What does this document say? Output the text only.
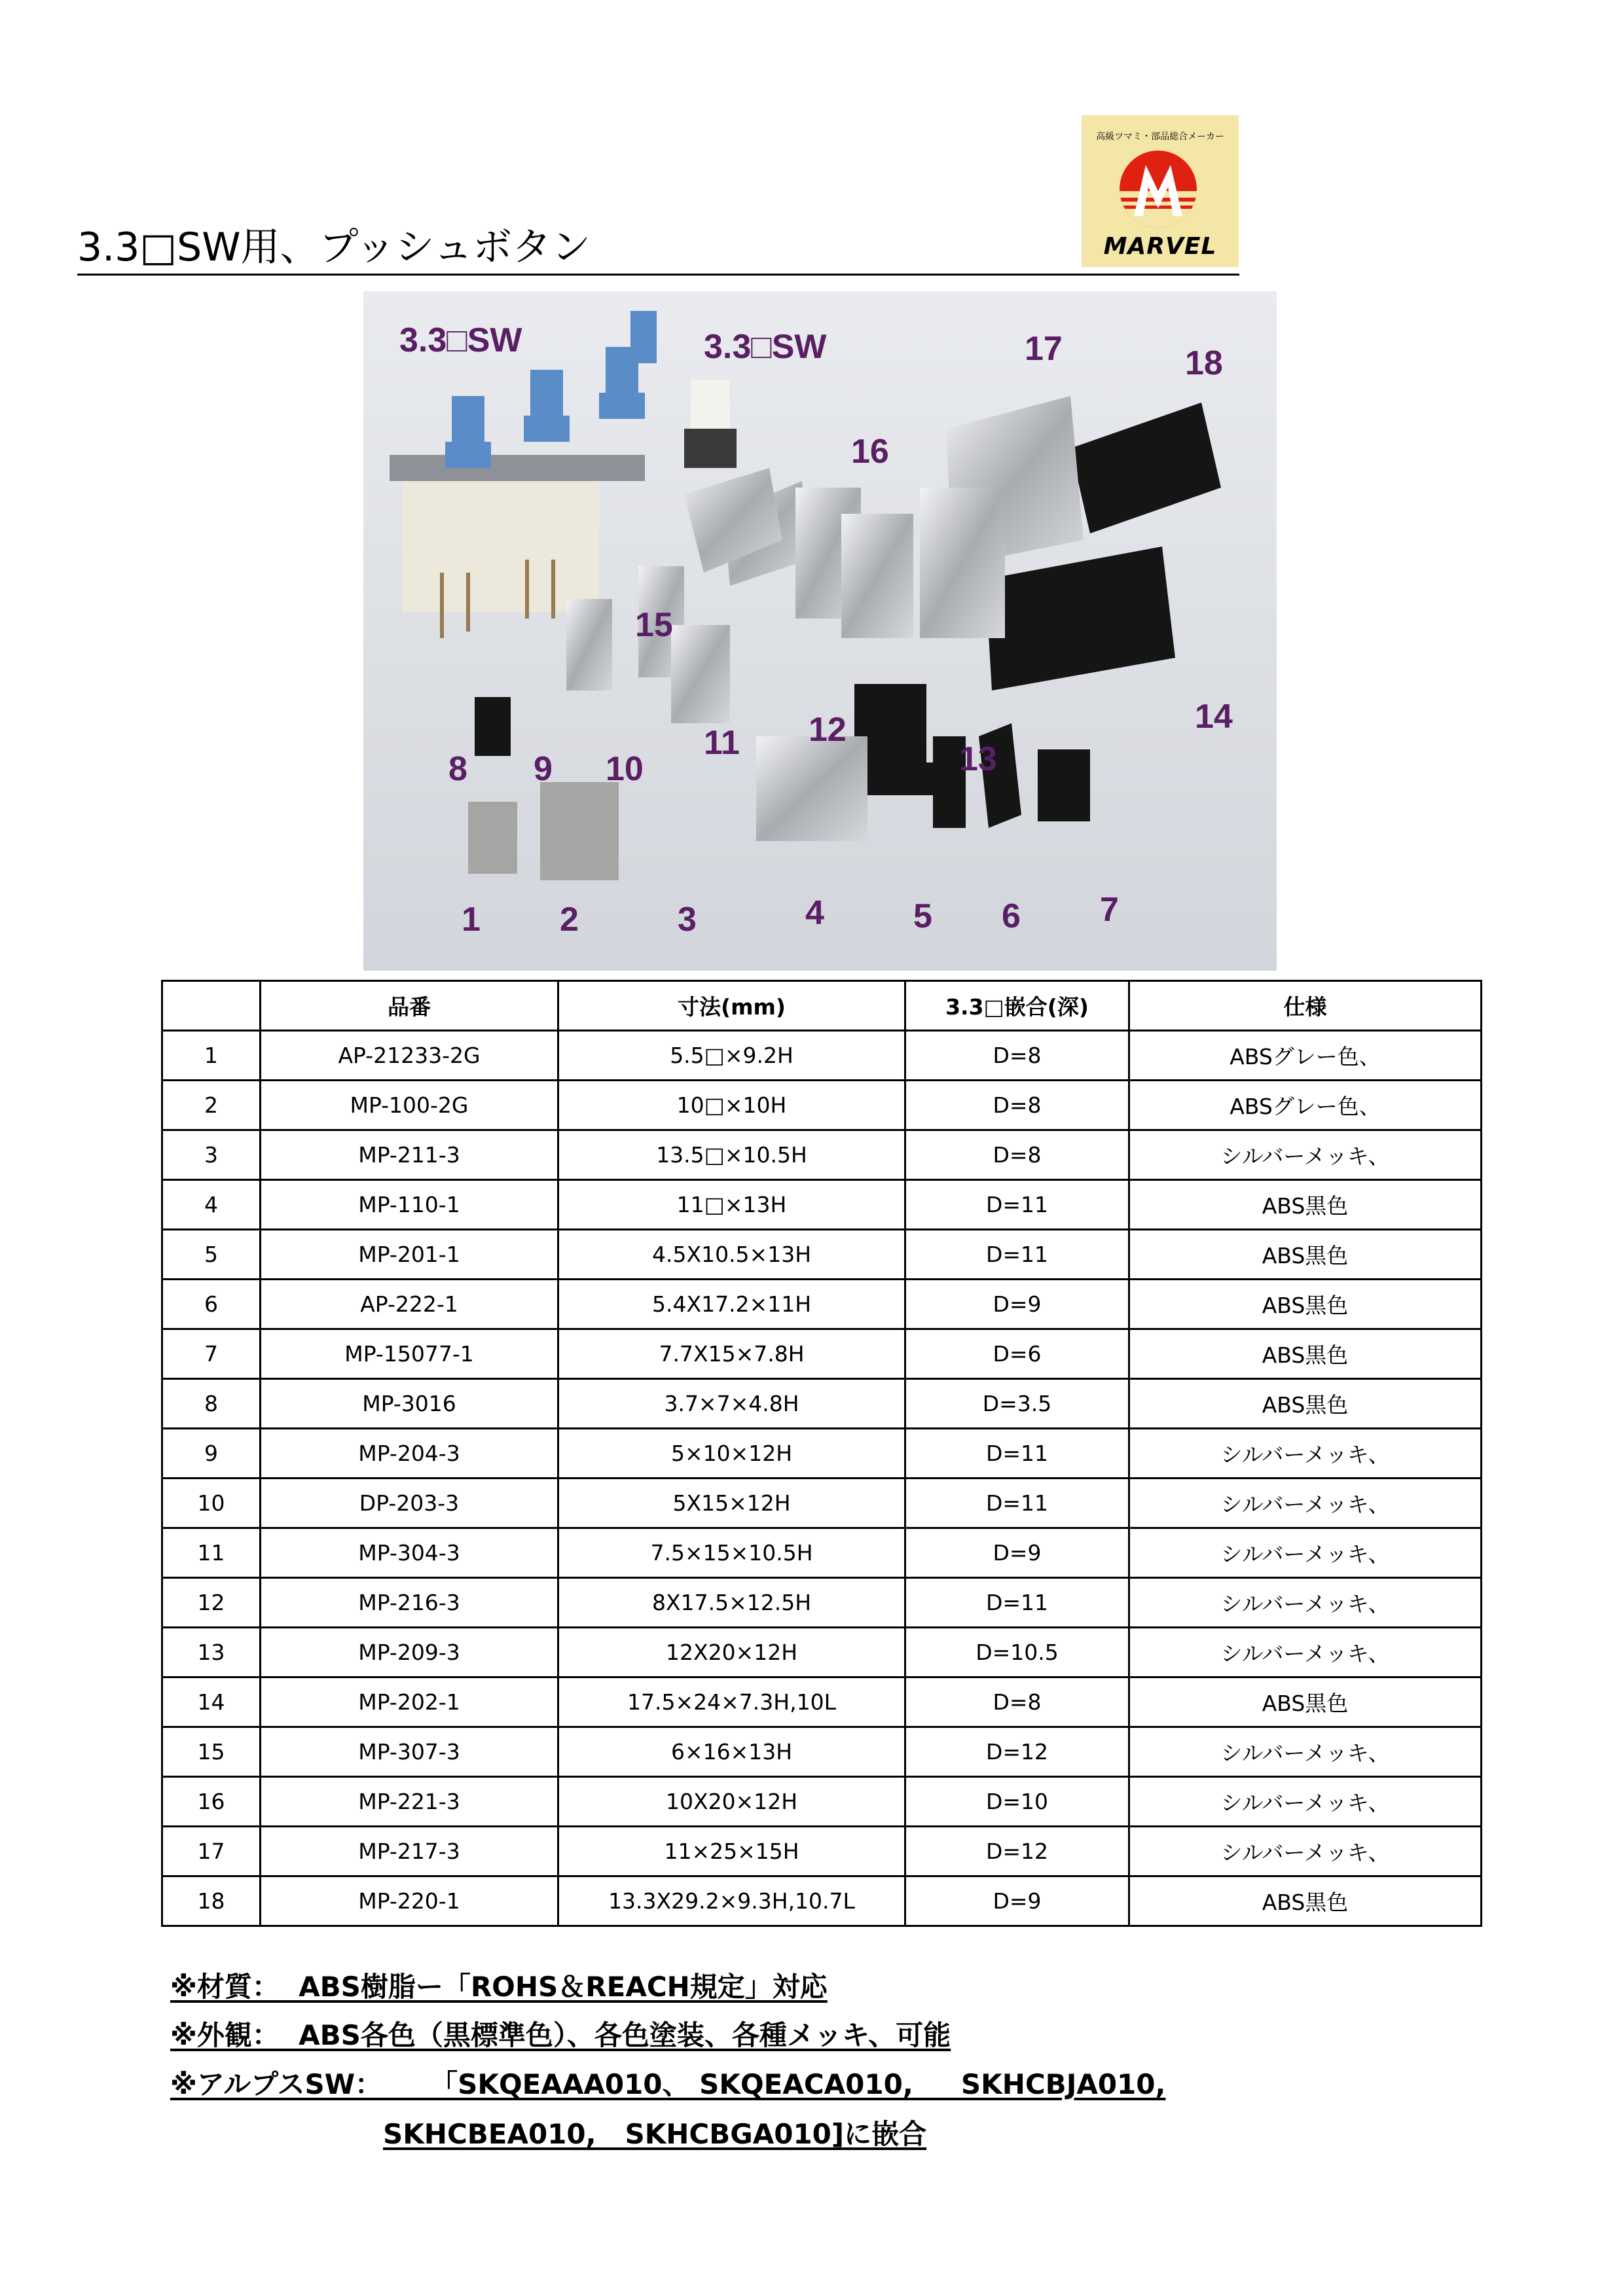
高級ツマミ・部品総合メーカー
MARVEL
3.3□SW用、プッシュボタン
3.3□SW	3.3□SW
16
17	18
15
14
12
11	13
8 9 10
1 2	3	4	5 6 7
	品番	寸法(mm)	3.3□嵌合(深)	仕様
1	AP-21233-2G	5.5□×9.2H	D=8	ABSグレー色、
2	MP-100-2G	10□×10H	D=8	ABSグレー色、
3	MP-211-3	13.5□×10.5H	D=8	シルバーメッキ、
4	MP-110-1	11□×13H	D=11	ABS黒色
5	MP-201-1	4.5X10.5×13H	D=11	ABS黒色
6	AP-222-1	5.4X17.2×11H	D=9	ABS黒色
7	MP-15077-1	7.7X15×7.8H	D=6	ABS黒色
8	MP-3016	3.7×7×4.8H	D=3.5	ABS黒色
9	MP-204-3	5×10×12H	D=11	シルバーメッキ、
10	DP-203-3	5X15×12H	D=11	シルバーメッキ、
11	MP-304-3	7.5×15×10.5H	D=9	シルバーメッキ、
12	MP-216-3	8X17.5×12.5H	D=11	シルバーメッキ、
13	MP-209-3	12X20×12H	D=10.5	シルバーメッキ、
14	MP-202-1	17.5×24×7.3H,10L	D=8	ABS黒色
15	MP-307-3	6×16×13H	D=12	シルバーメッキ、
16	MP-221-3	10X20×12H	D=10	シルバーメッキ、
17	MP-217-3	11×25×15H	D=12	シルバーメッキ、
18	MP-220-1	13.3X29.2×9.3H,10.7L	D=9	ABS黒色
※材質：  ABS樹脂ー「ROHS＆REACH規定」対応
※外観：  ABS各色（黒標準色）、各色塗装、各種メッキ、可能
※アルプスSW：     「SKQEAAA010、 SKQEACA010,     SKHCBJA010,
SKHCBEA010,   SKHCBGA010]に嵌合
